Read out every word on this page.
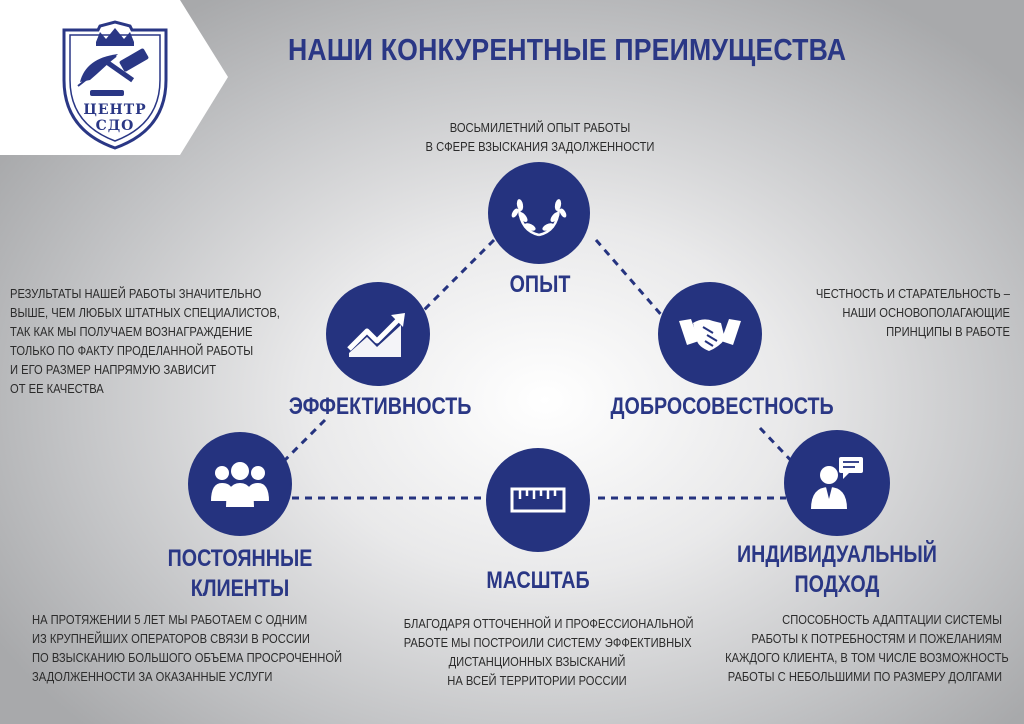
ЦЕНТР
СДО
НАШИ КОНКУРЕНТНЫЕ ПРЕИМУЩЕСТВА
ОПЫТ
ВОСЬМИЛЕТНИЙ ОПЫТ РАБОТЫ
В СФЕРЕ ВЗЫСКАНИЯ ЗАДОЛЖЕННОСТИ
ЭФФЕКТИВНОСТЬ
РЕЗУЛЬТАТЫ НАШЕЙ РАБОТЫ ЗНАЧИТЕЛЬНО
ВЫШЕ, ЧЕМ ЛЮБЫХ ШТАТНЫХ СПЕЦИАЛИСТОВ,
ТАК КАК МЫ ПОЛУЧАЕМ ВОЗНАГРАЖДЕНИЕ
ТОЛЬКО ПО ФАКТУ ПРОДЕЛАННОЙ РАБОТЫ
И ЕГО РАЗМЕР НАПРЯМУЮ ЗАВИСИТ
ОТ ЕЕ КАЧЕСТВА
ДОБРОСОВЕСТНОСТЬ
ЧЕСТНОСТЬ И СТАРАТЕЛЬНОСТЬ –
НАШИ ОСНОВОПОЛАГАЮЩИЕ
ПРИНЦИПЫ В РАБОТЕ
ПОСТОЯННЫЕ
КЛИЕНТЫ
НА ПРОТЯЖЕНИИ 5 ЛЕТ МЫ РАБОТАЕМ С ОДНИМ
ИЗ КРУПНЕЙШИХ ОПЕРАТОРОВ СВЯЗИ В РОССИИ
ПО ВЗЫСКАНИЮ БОЛЬШОГО ОБЪЕМА ПРОСРОЧЕННОЙ
ЗАДОЛЖЕННОСТИ ЗА ОКАЗАННЫЕ УСЛУГИ
МАСШТАБ
БЛАГОДАРЯ ОТТОЧЕННОЙ И ПРОФЕССИОНАЛЬНОЙ
РАБОТЕ МЫ ПОСТРОИЛИ СИСТЕМУ ЭФФЕКТИВНЫХ
ДИСТАНЦИОННЫХ ВЗЫСКАНИЙ
НА ВСЕЙ ТЕРРИТОРИИ РОССИИ
ИНДИВИДУАЛЬНЫЙ
ПОДХОД
СПОСОБНОСТЬ АДАПТАЦИИ СИСТЕМЫ
РАБОТЫ К ПОТРЕБНОСТЯМ И ПОЖЕЛАНИЯМ
КАЖДОГО КЛИЕНТА, В ТОМ ЧИСЛЕ ВОЗМОЖНОСТЬ
РАБОТЫ С НЕБОЛЬШИМИ ПО РАЗМЕРУ ДОЛГАМИ
